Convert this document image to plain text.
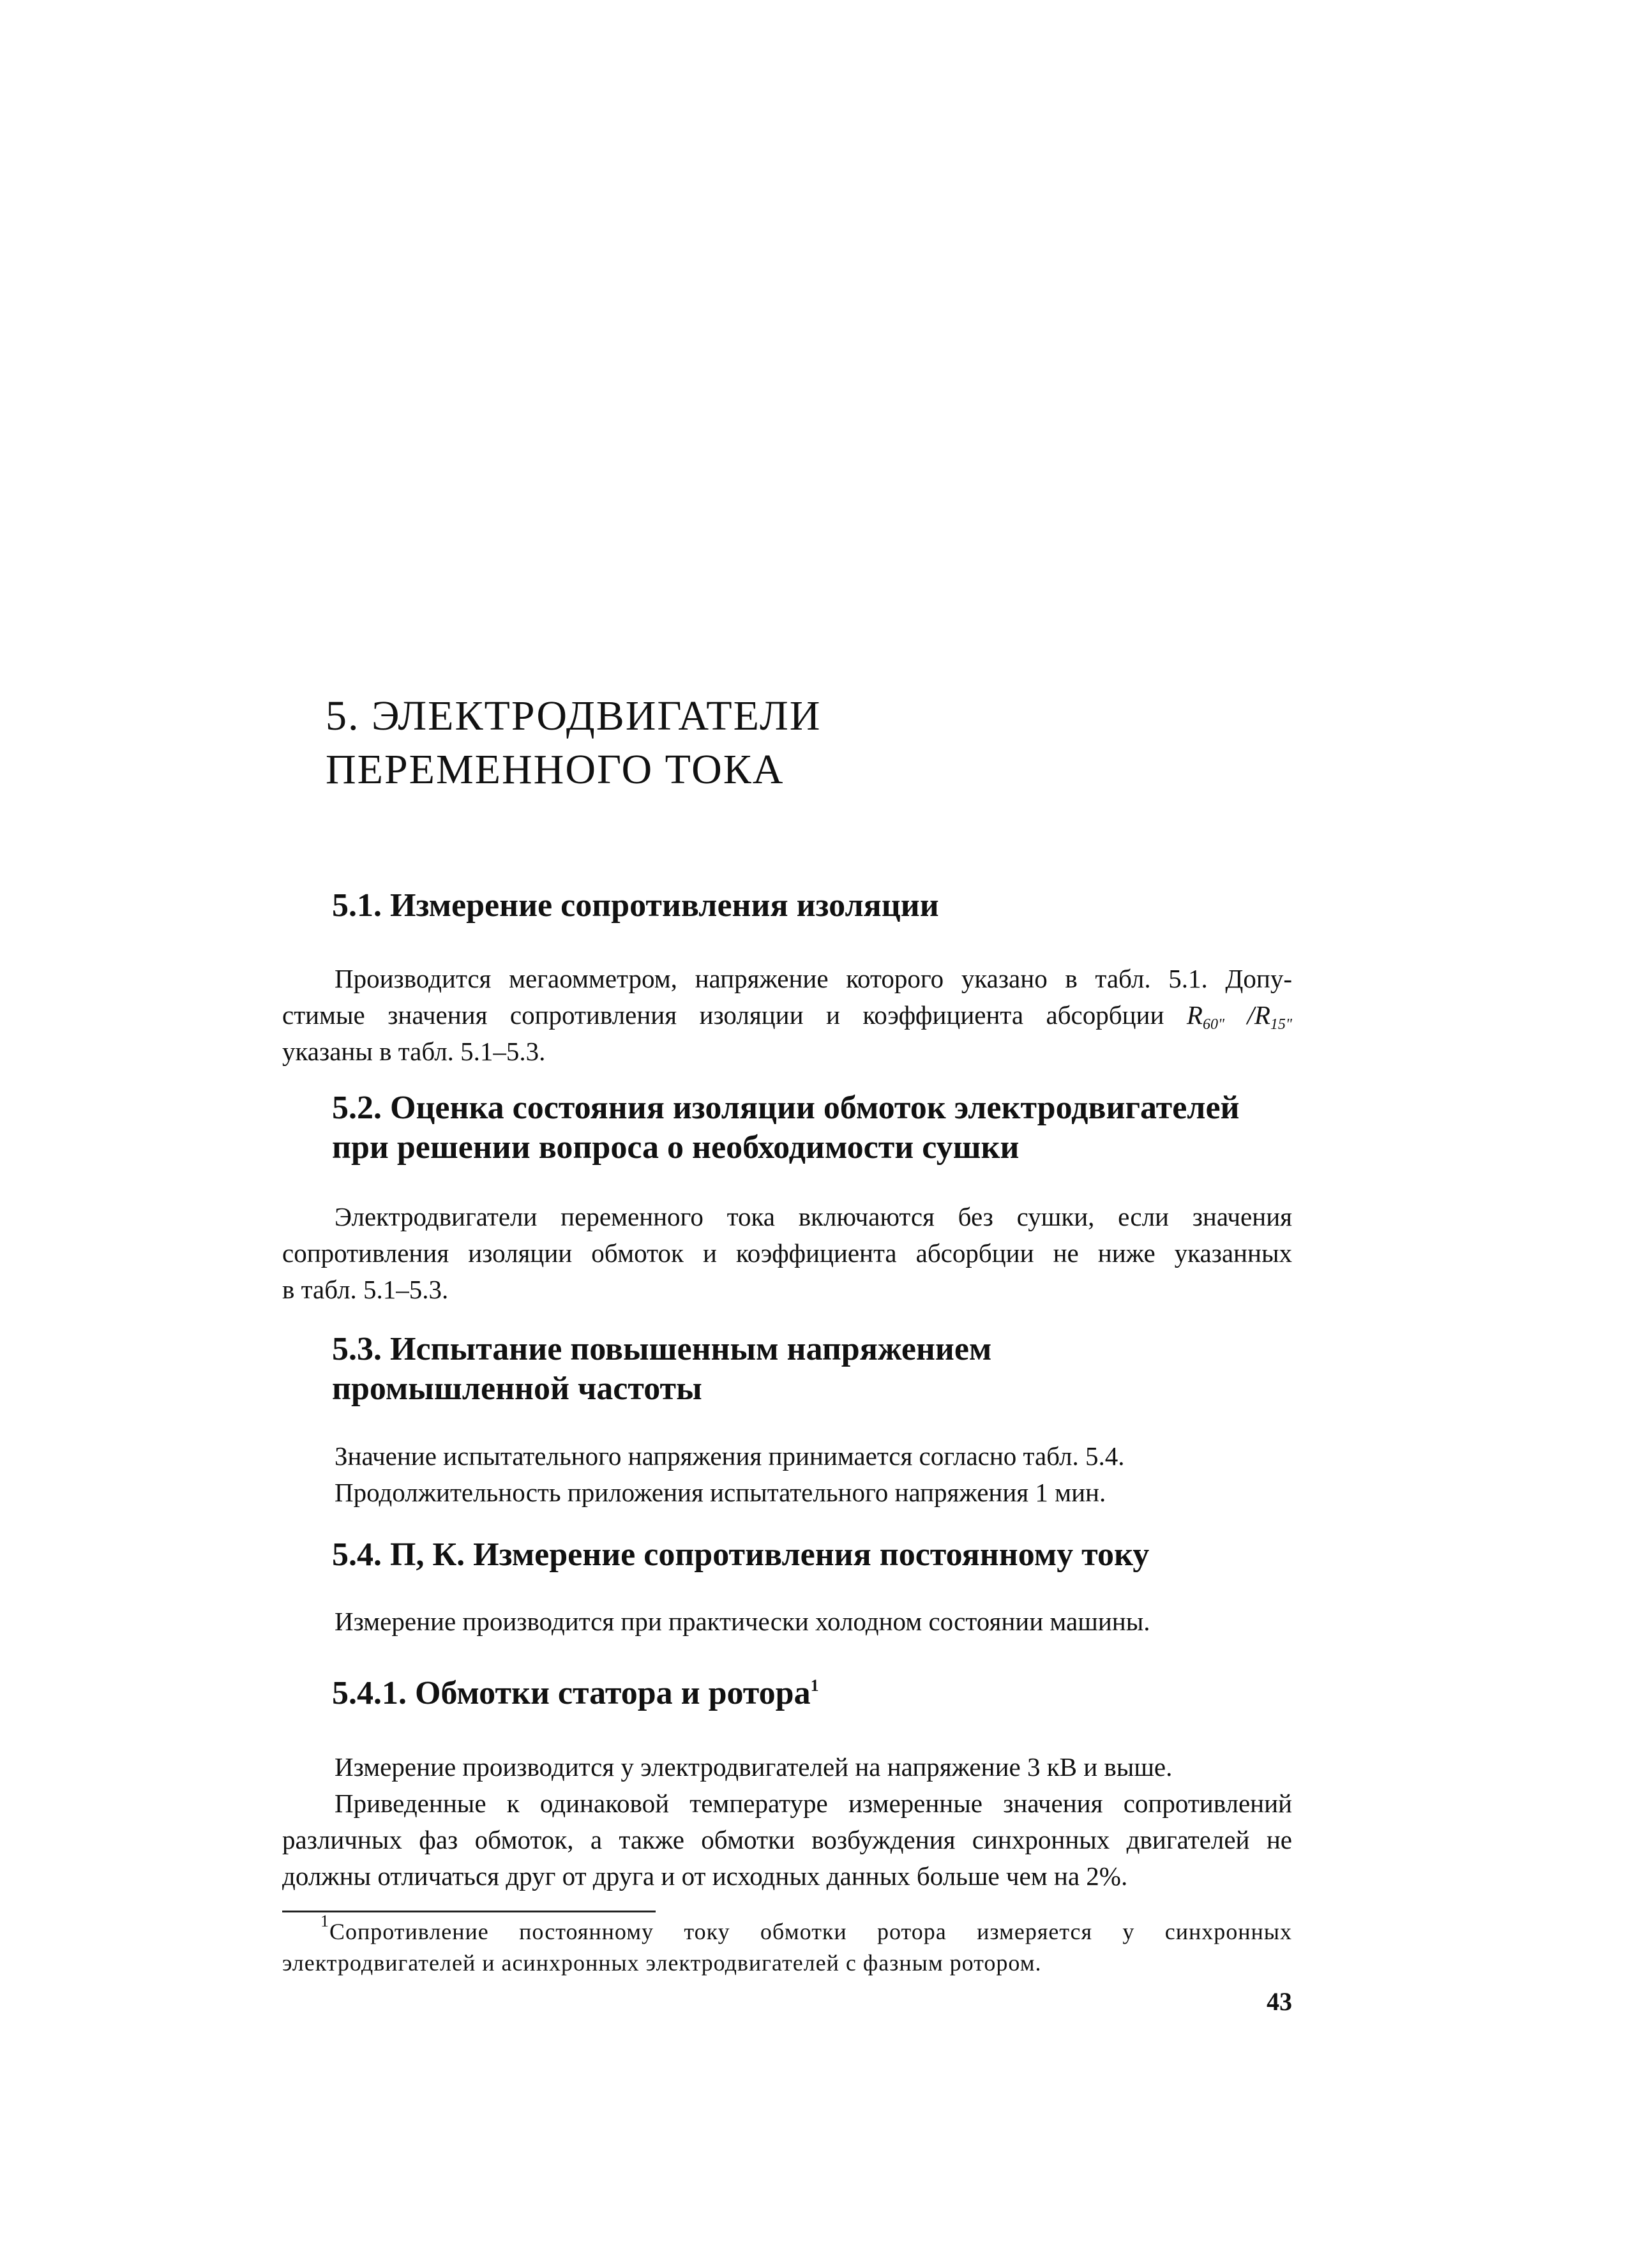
5. ЭЛЕКТРОДВИГАТЕЛИ
ПЕРЕМЕННОГО ТОКА
5.1. Измерение сопротивления изоляции
Производится мегаомметром, напряжение которого указано в табл. 5.1. Допу-
стимые значения сопротивления изоляции и коэффициента абсорбции $R_{60"}$ $/R_{15"}$
указаны в табл. 5.1–5.3.
5.2. Оценка состояния изоляции обмоток электродвигателей
при решении вопроса о необходимости сушки
Электродвигатели переменного тока включаются без сушки, если значения
сопротивления изоляции обмоток и коэффициента абсорбции не ниже указанных
в табл. 5.1–5.3.
5.3. Испытание повышенным напряжением
промышленной частоты
Значение испытательного напряжения принимается согласно табл. 5.4.
Продолжительность приложения испытательного напряжения 1 мин.
5.4. П, К. Измерение сопротивления постоянному току
Измерение производится при практически холодном состоянии машины.
5.4.1. Обмотки статора и ротора$^1$
Измерение производится у электродвигателей на напряжение 3 кВ и выше.
Приведенные к одинаковой температуре измеренные значения сопротивлений
различных фаз обмоток, а также обмотки возбуждения синхронных двигателей не
должны отличаться друг от друга и от исходных данных больше чем на 2%.
$^1$Сопротивление постоянному току обмотки ротора измеряется у синхронных
электродвигателей и асинхронных электродвигателей с фазным ротором.
43
